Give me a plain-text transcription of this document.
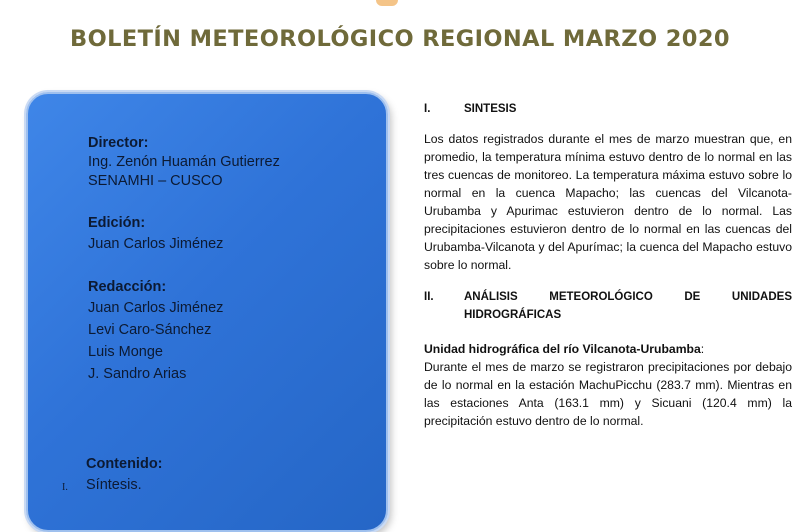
BOLETÍN METEOROLÓGICO REGIONAL MARZO 2020
Director:
Ing. Zenón Huamán Gutierrez
SENAMHI – CUSCO
Edición:
Juan Carlos Jiménez
Redacción:
Juan Carlos Jiménez
Levi Caro-Sánchez
Luis Monge
J. Sandro Arias
Contenido:
I. Síntesis.
I.	SINTESIS

Los datos registrados durante el mes de marzo muestran que, en promedio, la temperatura mínima estuvo dentro de lo normal en las tres cuencas de monitoreo. La temperatura máxima estuvo sobre lo normal en la cuenca Mapacho; las cuencas del Vilcanota-Urubamba y Apurimac estuvieron dentro de lo normal. Las precipitaciones estuvieron dentro de lo normal en las cuencas del Urubamba-Vilcanota y del Apurímac; la cuenca del Mapacho estuvo sobre lo normal.

II.	ANÁLISIS METEOROLÓGICO DE UNIDADES
HIDROGRÁFICAS
Unidad hidrográfica del río Vilcanota-Urubamba:

Durante el mes de marzo se registraron precipitaciones por debajo de lo normal en la estación MachuPicchu (283.7 mm). Mientras en las estaciones Anta (163.1 mm) y Sicuani (120.4 mm) la precipitación estuvo dentro de lo normal.
